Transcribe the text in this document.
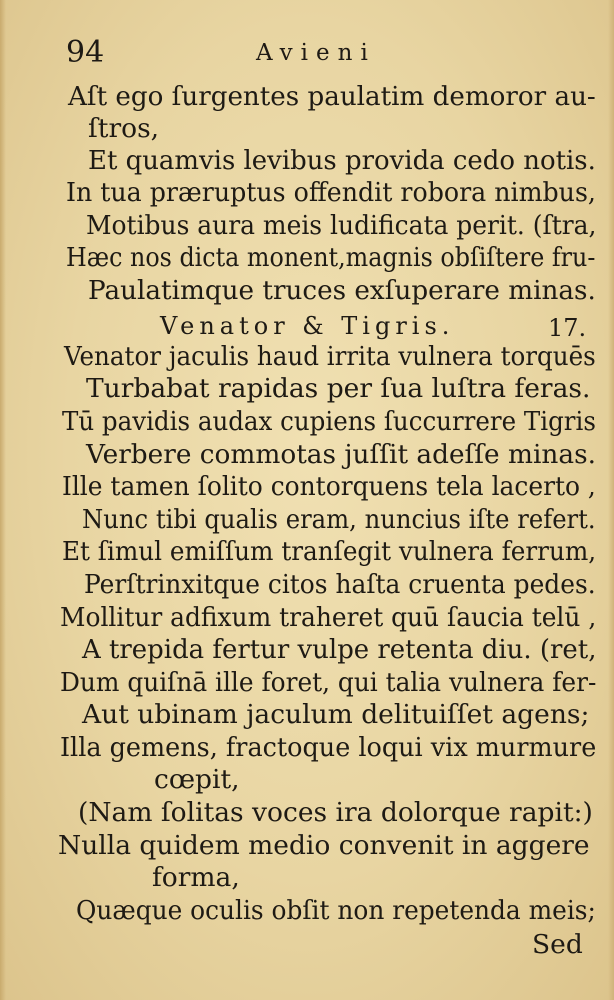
94	Avieni
Aſt ego ſurgentes paulatim demoror au-
ſtros,
Et quamvis levibus provida cedo notis.
In tua præruptus offendit robora nimbus,
Motibus aura meis ludificata perit. (ſtra,
Hæc nos dicta monent,magnis obſiſtere fru-
Paulatimque truces exſuperare minas.
Venator & Tigris.	17.
Venator jaculis haud irrita vulnera torquēs
Turbabat rapidas per ſua luſtra feras.
Tū pavidis audax cupiens ſuccurrere Tigris
Verbere commotas juſſit adeſſe minas.
Ille tamen ſolito contorquens tela lacerto ,
Nunc tibi qualis eram, nuncius iſte refert.
Et ſimul emiſſum tranſegit vulnera ferrum,
Perſtrinxitque citos haſta cruenta pedes.
Mollitur adfixum traheret quū ſaucia telū ,
A trepida fertur vulpe retenta diu. (ret,
Dum quiſnā ille foret, qui talia vulnera fer-
Aut ubinam jaculum delituiſſet agens;
Illa gemens, fractoque loqui vix murmure
cœpit,
(Nam ſolitas voces ira dolorque rapit:)
Nulla quidem medio convenit in aggere
forma,
Quæque oculis obſit non repetenda meis;
Sed
